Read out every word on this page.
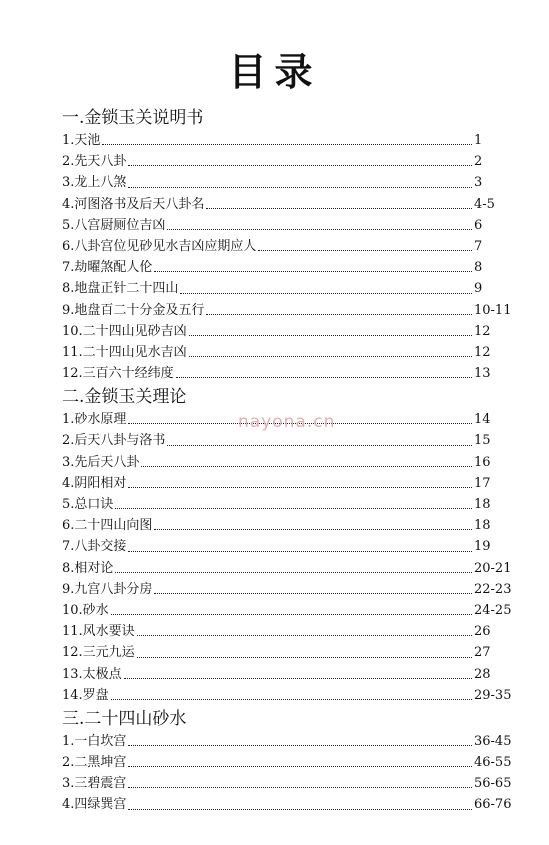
目录
一.金锁玉关说明书
1.天池	1
2.先天八卦	2
3.龙上八煞	3
4.河图洛书及后天八卦名	4-5
5.八宫厨厕位吉凶	6
6.八卦宫位见砂见水吉凶应期应人	7
7.劫曜煞配人伦	8
8.地盘正针二十四山	9
9.地盘百二十分金及五行	10-11
10.二十四山见砂吉凶	12
11.二十四山见水吉凶	12
12.三百六十经纬度	13
二.金锁玉关理论
1.砂水原理	14
2.后天八卦与洛书	15
3.先后天八卦	16
4.阴阳相对	17
5.总口诀	18
6.二十四山向图	18
7.八卦交接	19
8.相对论	20-21
9.九宫八卦分房	22-23
10.砂水	24-25
11.风水要诀	26
12.三元九运	27
13.太极点	28
14.罗盘	29-35
三.二十四山砂水
1.一白坎宫	36-45
2.二黑坤宫	46-55
3.三碧震宫	56-65
4.四绿巽宫	66-76
nayona.cn
